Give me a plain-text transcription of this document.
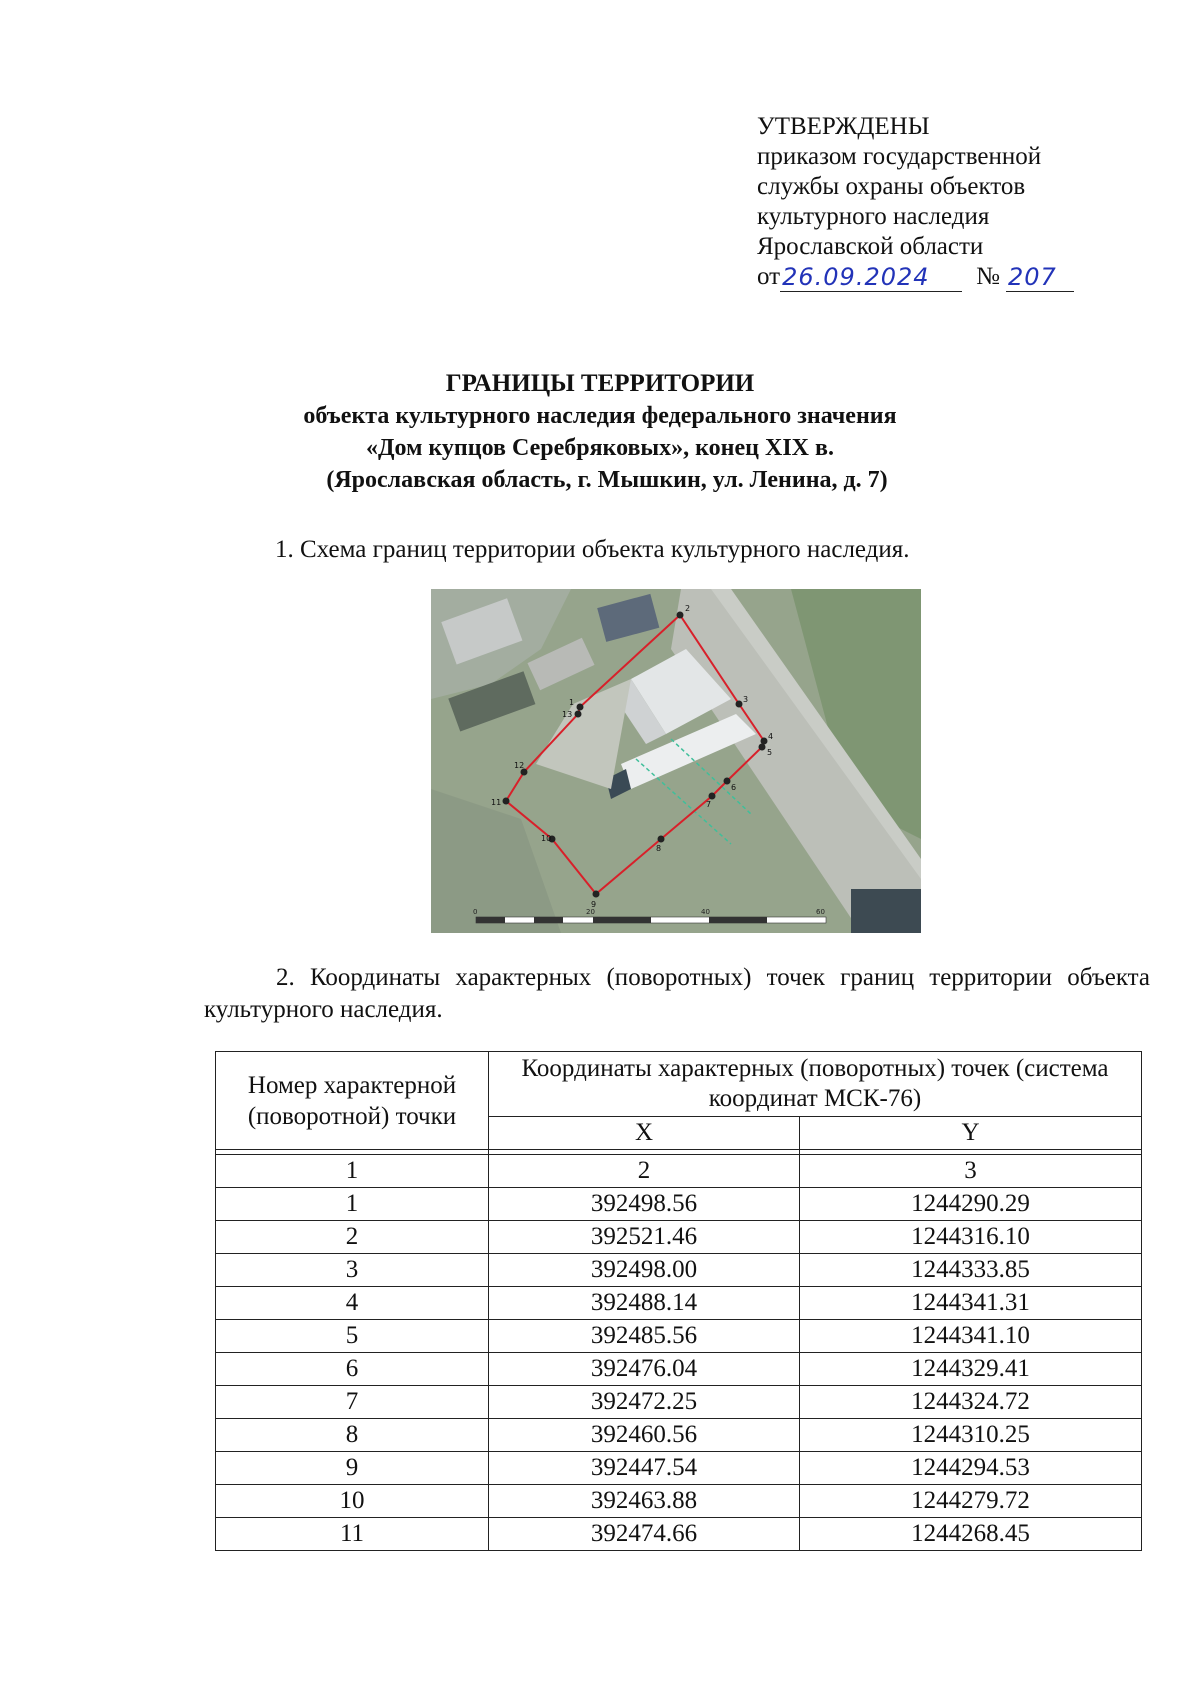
УТВЕРЖДЕНЫ
приказом государственной
службы охраны объектов
культурного наследия
Ярославской области
от 26.09.2024	№ 207
ГРАНИЦЫ ТЕРРИТОРИИ
объекта культурного наследия федерального значения
«Дом купцов Серебряковых», конец XIX в.
(Ярославская область, г. Мышкин, ул. Ленина, д. 7)
1. Схема границ территории объекта культурного наследия.
2
3
4
5
6
7
8
9
10
11
12
13
1
0	20	40	60
2. Координаты характерных (поворотных) точек границ территории объекта культурного наследия.
Номер характерной (поворотной) точки	Координаты характерных (поворотных) точек (система координат МСК-76)	
	X	Y

1	2	3
1	392498.56	1244290.29
2	392521.46	1244316.10
3	392498.00	1244333.85
4	392488.14	1244341.31
5	392485.56	1244341.10
6	392476.04	1244329.41
7	392472.25	1244324.72
8	392460.56	1244310.25
9	392447.54	1244294.53
10	392463.88	1244279.72
11	392474.66	1244268.45
